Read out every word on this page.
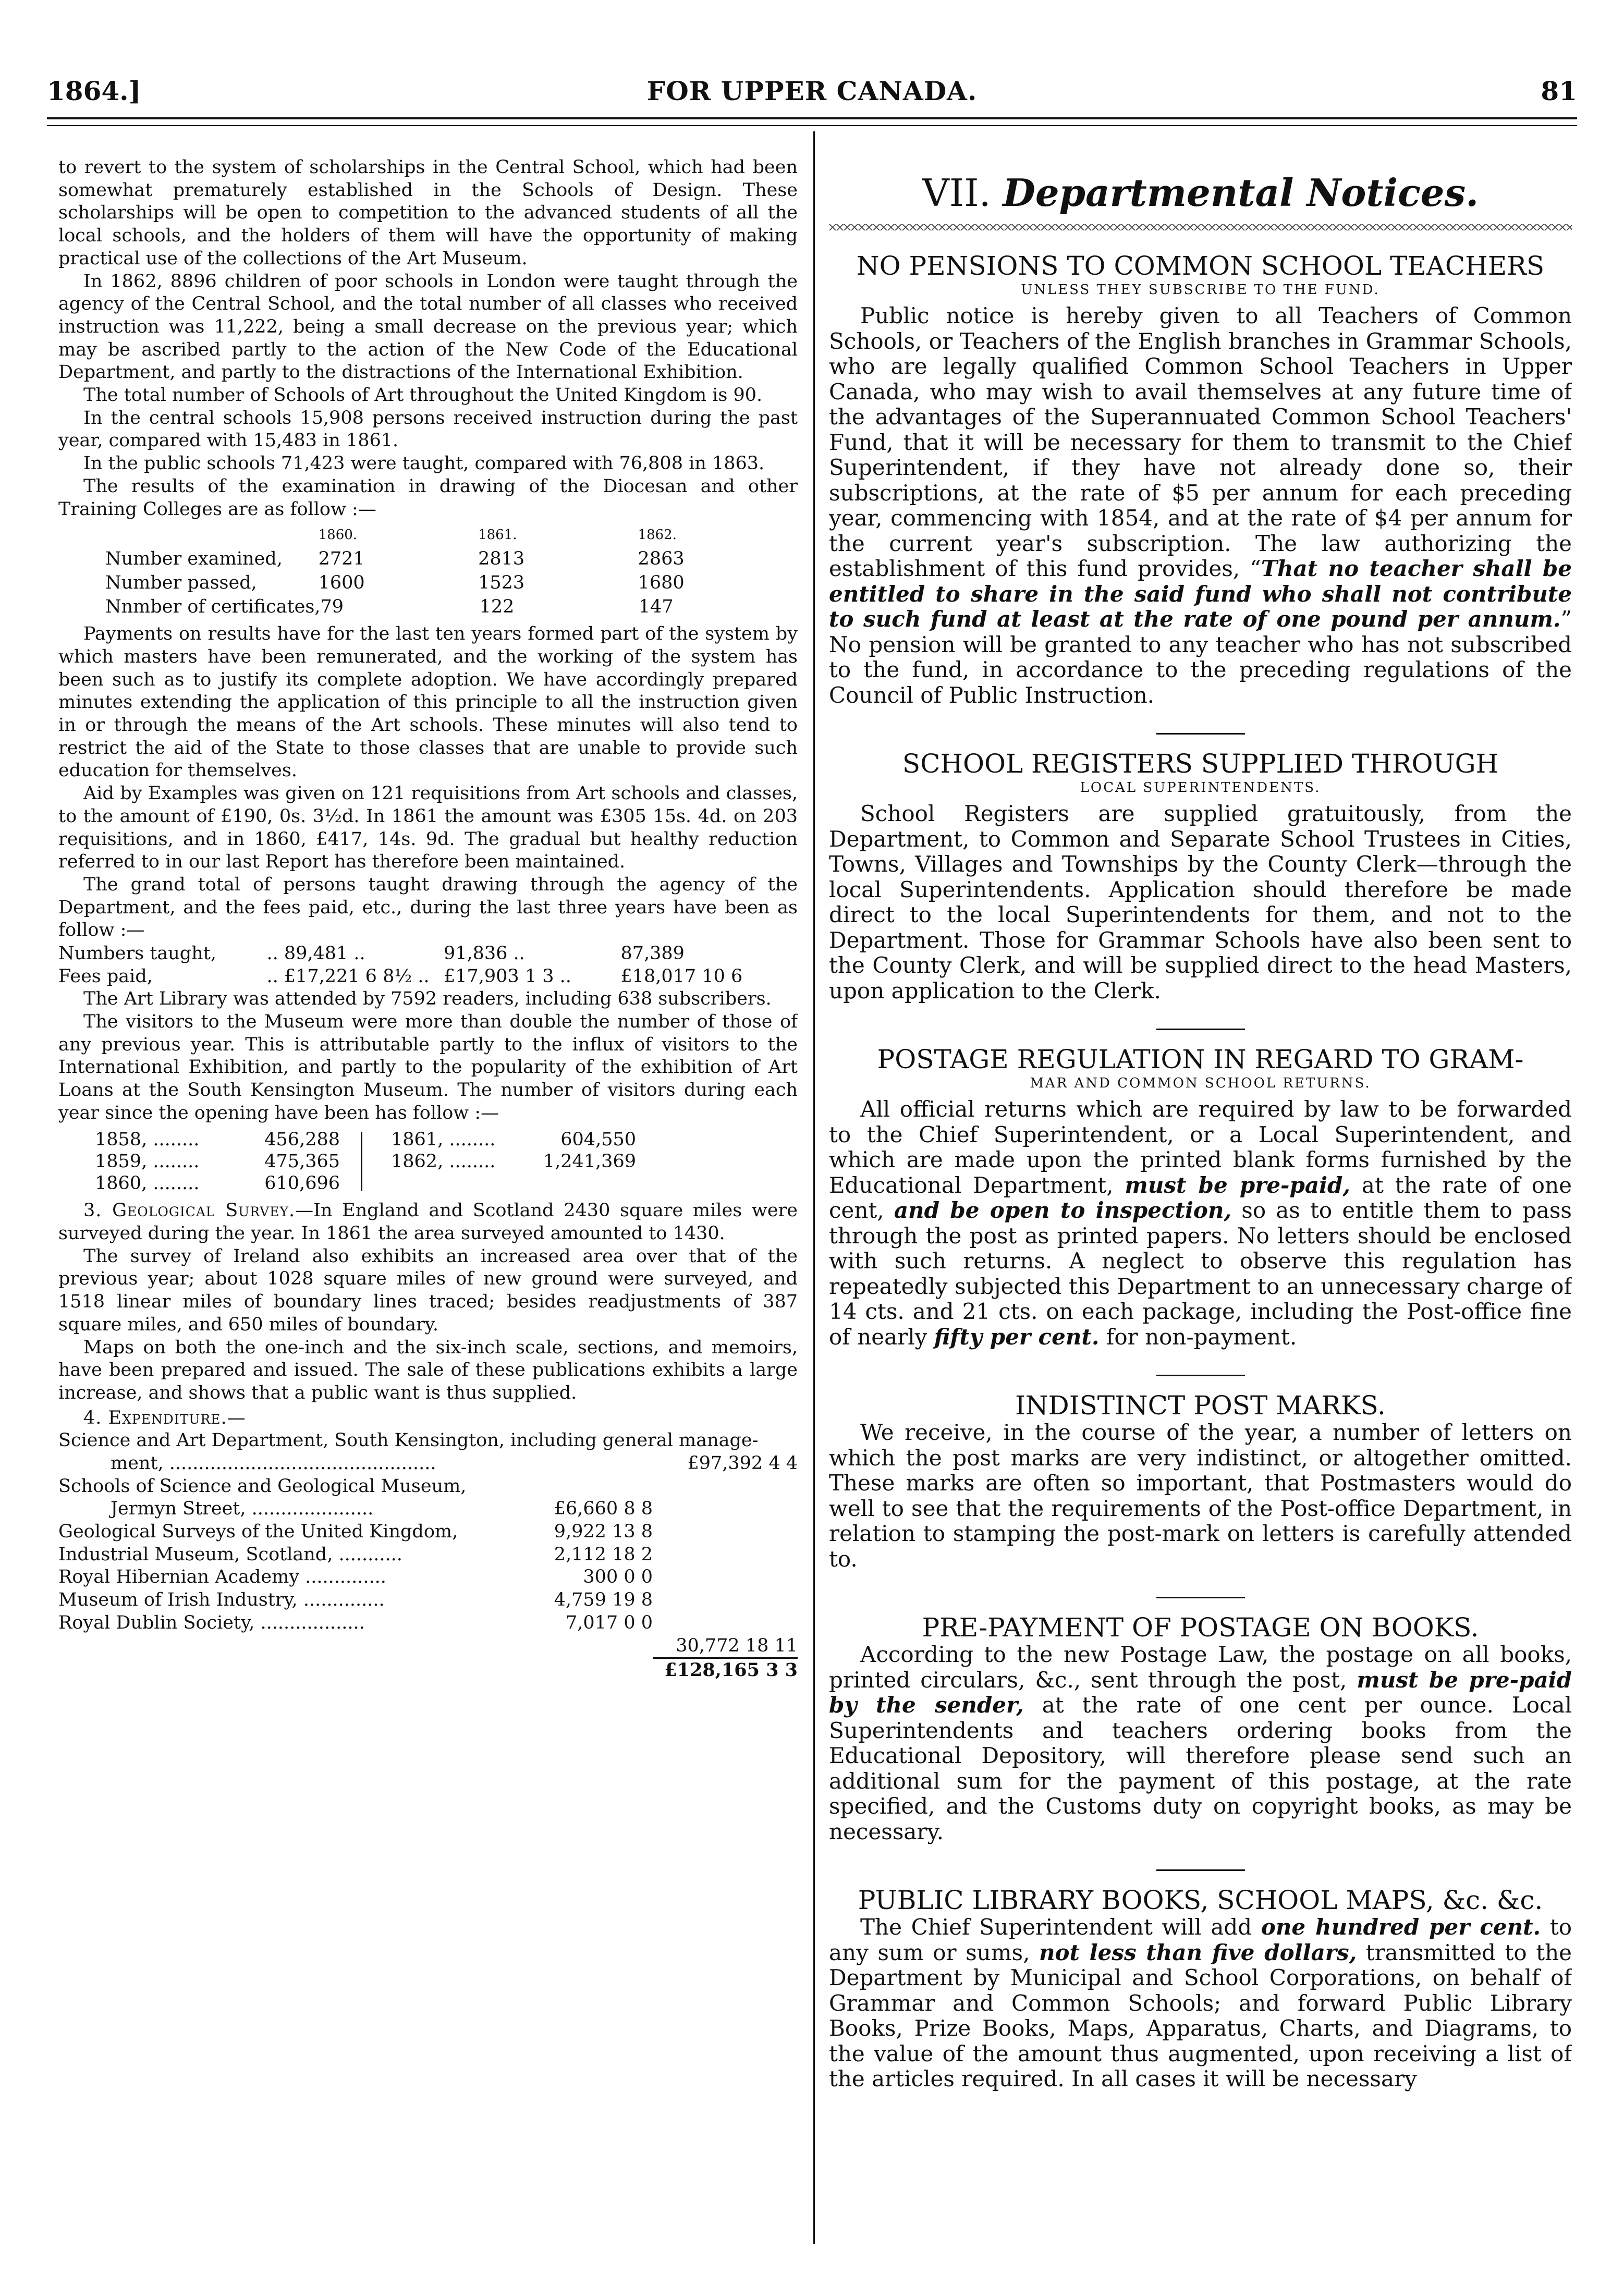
1864.]	FOR UPPER CANADA.	81

to revert to the system of scholarships in the Central School, which had been somewhat prematurely established in the Schools of Design. These scholarships will be open to competition to the advanced students of all the local schools, and the holders of them will have the opportunity of making practical use of the collections of the Art Museum.

In 1862, 8896 children of poor schools in London were taught through the agency of the Central School, and the total number of all classes who received instruction was 11,222, being a small decrease on the previous year; which may be ascribed partly to the action of the New Code of the Educational Department, and partly to the distractions of the International Exhibition.

The total number of Schools of Art throughout the United Kingdom is 90.

In the central schools 15,908 persons received instruction during the past year, compared with 15,483 in 1861.

In the public schools 71,423 were taught, compared with 76,808 in 1863.

The results of the examination in drawing of the Diocesan and other Training Colleges are as follow :—

1860.	1861.	1862.
Number examined,	2721	2813	2863
Number passed,	1600	1523	1680
Nnmber of certificates, 79	122	147

Payments on results have for the last ten years formed part of the system by which masters have been remunerated, and the working of the system has been such as to justify its complete adoption. We have accordingly prepared minutes extending the application of this principle to all the instruction given in or through the means of the Art schools. These minutes will also tend to restrict the aid of the State to those classes that are unable to provide such education for themselves.

Aid by Examples was given on 121 requisitions from Art schools and classes, to the amount of £190, 0s. 3½d. In 1861 the amount was £305 15s. 4d. on 203 requisitions, and in 1860, £417, 14s. 9d. The gradual but healthy reduction referred to in our last Report has therefore been maintained.

The grand total of persons taught drawing through the agency of the Department, and the fees paid, etc., during the last three years have been as follow :—

Numbers taught,	.. 89,481 ..	91,836 ..	87,389
Fees paid,	.. £17,221 6 8½ .. £17,903 1 3 ..	£18,017 10 6

The Art Library was attended by 7592 readers, including 638 subscribers.

The visitors to the Museum were more than double the number of those of any previous year. This is attributable partly to the influx of visitors to the International Exhibition, and partly to the popularity of the exhibition of Art Loans at the South Kensington Museum. The number of visitors during each year since the opening have been has follow :—

1858, ........	456,288
1859, ........	475,365
1860, ........	610,696
1861, ........	604,550
1862, ........	1,241,369

3. Geological Survey.—In England and Scotland 2430 square miles were surveyed during the year. In 1861 the area surveyed amounted to 1430.

The survey of Ireland also exhibits an increased area over that of the previous year; about 1028 square miles of new ground were surveyed, and 1518 linear miles of boundary lines traced; besides readjustments of 387 square miles, and 650 miles of boundary.

Maps on both the one-inch and the six-inch scale, sections, and memoirs, have been prepared and issued. The sale of these publications exhibits a large increase, and shows that a public want is thus supplied.

4. Expenditure.—
Science and Art Department, South Kensington, including general manage-
ment, ..............................................	£97,392 4 4
Schools of Science and Geological Museum,
Jermyn Street, .....................	£6,660 8 8
Geological Surveys of the United Kingdom,	9,922 13 8
Industrial Museum, Scotland, ...........	2,112 18 2
Royal Hibernian Academy ..............	300 0 0
Museum of Irish Industry, ..............	4,759 19 8
Royal Dublin Society, ..................	7,017 0 0
30,772 18 11
£128,165 3 3
VII. Departmental Notices.
NO PENSIONS TO COMMON SCHOOL TEACHERS
UNLESS THEY SUBSCRIBE TO THE FUND.

Public notice is hereby given to all Teachers of Common Schools, or Teachers of the English branches in Grammar Schools, who are legally qualified Common School Teachers in Upper Canada, who may wish to avail themselves at any future time of the advantages of the Superannuated Common School Teachers' Fund, that it will be necessary for them to transmit to the Chief Superintendent, if they have not already done so, their subscriptions, at the rate of $5 per annum for each preceding year, commencing with 1854, and at the rate of $4 per annum for the current year's subscription. The law authorizing the establishment of this fund provides, “That no teacher shall be entitled to share in the said fund who shall not contribute to such fund at least at the rate of one pound per annum.” No pension will be granted to any teacher who has not subscribed to the fund, in accordance to the preceding regulations of the Council of Public Instruction.

SCHOOL REGISTERS SUPPLIED THROUGH
LOCAL SUPERINTENDENTS.

School Registers are supplied gratuitously, from the Department, to Common and Separate School Trustees in Cities, Towns, Villages and Townships by the County Clerk—through the local Superintendents. Application should therefore be made direct to the local Superintendents for them, and not to the Department. Those for Grammar Schools have also been sent to the County Clerk, and will be supplied direct to the head Masters, upon application to the Clerk.

POSTAGE REGULATION IN REGARD TO GRAM-
MAR AND COMMON SCHOOL RETURNS.

All official returns which are required by law to be forwarded to the Chief Superintendent, or a Local Superintendent, and which are made upon the printed blank forms furnished by the Educational Department, must be pre-paid, at the rate of one cent, and be open to inspection, so as to entitle them to pass through the post as printed papers. No letters should be enclosed with such returns. A neglect to observe this regulation has repeatedly subjected this Department to an unnecessary charge of 14 cts. and 21 cts. on each package, including the Post-office fine of nearly fifty per cent. for non-payment.

INDISTINCT POST MARKS.

We receive, in the course of the year, a number of letters on which the post marks are very indistinct, or altogether omitted. These marks are often so important, that Postmasters would do well to see that the requirements of the Post-office Department, in relation to stamping the post-mark on letters is carefully attended to.

PRE-PAYMENT OF POSTAGE ON BOOKS.

According to the new Postage Law, the postage on all books, printed circulars, &c., sent through the post, must be pre-paid by the sender, at the rate of one cent per ounce. Local Superintendents and teachers ordering books from the Educational Depository, will therefore please send such an additional sum for the payment of this postage, at the rate specified, and the Customs duty on copyright books, as may be necessary.

PUBLIC LIBRARY BOOKS, SCHOOL MAPS, &c. &c.

The Chief Superintendent will add one hundred per cent. to any sum or sums, not less than five dollars, transmitted to the Department by Municipal and School Corporations, on behalf of Grammar and Common Schools; and forward Public Library Books, Prize Books, Maps, Apparatus, Charts, and Diagrams, to the value of the amount thus augmented, upon receiving a list of the articles required. In all cases it will be necessary
